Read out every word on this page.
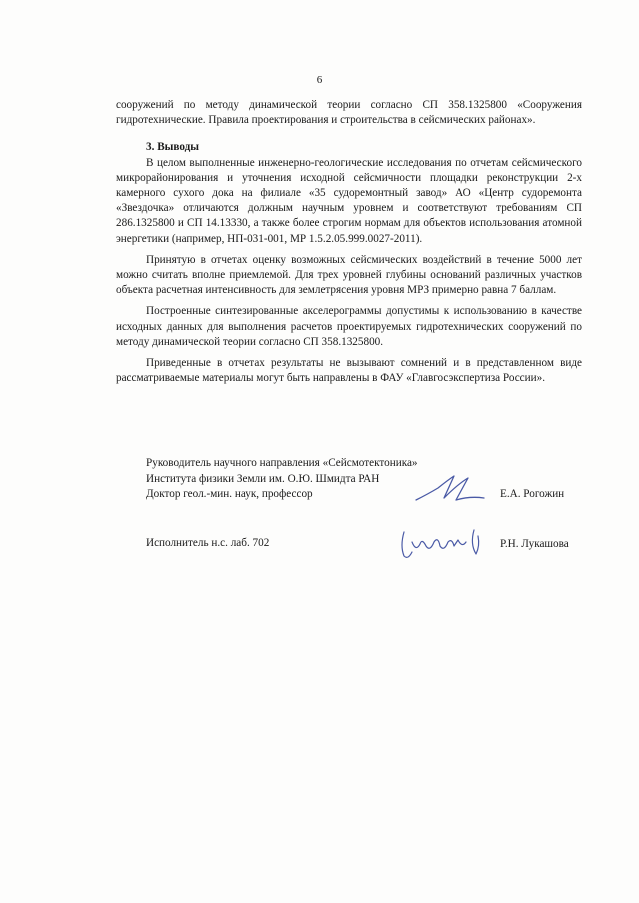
6

сооружений по методу динамической теории согласно СП 358.1325800 «Сооружения гидротехнические. Правила проектирования и строительства в сейсмических районах».

3. Выводы

В целом выполненные инженерно-геологические исследования по отчетам сейсмического микрорайонирования и уточнения исходной сейсмичности площадки реконструкции 2-х камерного сухого дока на филиале «35 судоремонтный завод» АО «Центр судоремонта «Звездочка» отличаются должным научным уровнем и соответствуют требованиям СП 286.1325800 и СП 14.13330, а также более строгим нормам для объектов использования атомной энергетики (например, НП-031-001, МР 1.5.2.05.999.0027-2011).

Принятую в отчетах оценку возможных сейсмических воздействий в течение 5000 лет можно считать вполне приемлемой. Для трех уровней глубины оснований различных участков объекта расчетная интенсивность для землетрясения уровня МРЗ примерно равна 7 баллам.

Построенные синтезированные акселерограммы допустимы к использованию в качестве исходных данных для выполнения расчетов проектируемых гидротехнических сооружений по методу динамической теории согласно СП 358.1325800.

Приведенные в отчетах результаты не вызывают сомнений и в представленном виде рассматриваемые материалы могут быть направлены в ФАУ «Главгосэкспертиза России».

Руководитель научного направления «Сейсмотектоника»
Института физики Земли им. О.Ю. Шмидта РАН
Доктор геол.-мин. наук, профессор	Е.А. Рогожин
Исполнитель н.с. лаб. 702	Р.Н. Лукашова
